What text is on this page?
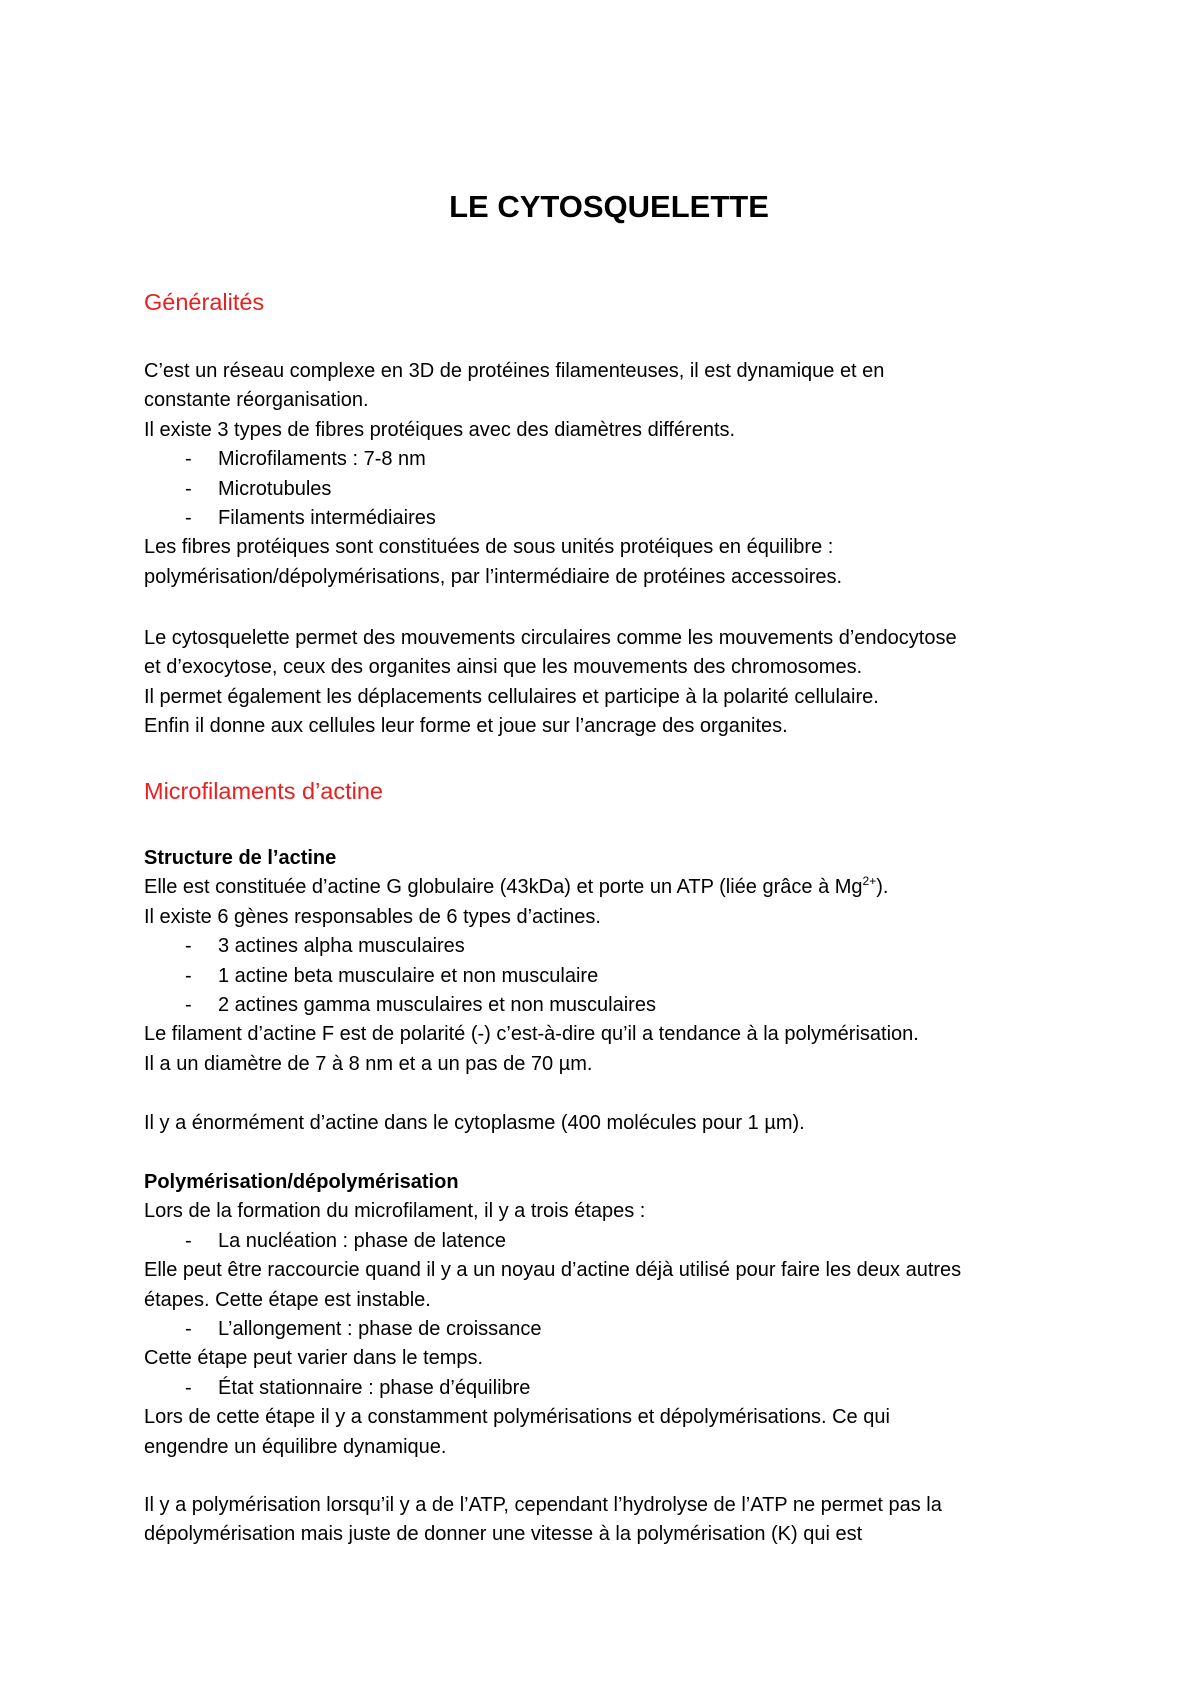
LE CYTOSQUELETTE
Généralités
C’est un réseau complexe en 3D de protéines filamenteuses, il est dynamique et en
constante réorganisation.
Il existe 3 types de fibres protéiques avec des diamètres différents.
- Microfilaments : 7-8 nm
- Microtubules
- Filaments intermédiaires
Les fibres protéiques sont constituées de sous unités protéiques en équilibre :
polymérisation/dépolymérisations, par l’intermédiaire de protéines accessoires.
Le cytosquelette permet des mouvements circulaires comme les mouvements d’endocytose
et d’exocytose, ceux des organites ainsi que les mouvements des chromosomes.
Il permet également les déplacements cellulaires et participe à la polarité cellulaire.
Enfin il donne aux cellules leur forme et joue sur l’ancrage des organites.
Microfilaments d’actine
Structure de l’actine
Elle est constituée d’actine G globulaire (43kDa) et porte un ATP (liée grâce à $Mg^{2+}$).
Il existe 6 gènes responsables de 6 types d’actines.
- 3 actines alpha musculaires
- 1 actine beta musculaire et non musculaire
- 2 actines gamma musculaires et non musculaires
Le filament d’actine F est de polarité (-) c’est-à-dire qu’il a tendance à la polymérisation.
Il a un diamètre de 7 à 8 nm et a un pas de 70 µm.
Il y a énormément d’actine dans le cytoplasme (400 molécules pour 1 µm).
Polymérisation/dépolymérisation
Lors de la formation du microfilament, il y a trois étapes :
- La nucléation : phase de latence
Elle peut être raccourcie quand il y a un noyau d’actine déjà utilisé pour faire les deux autres
étapes. Cette étape est instable.
- L’allongement : phase de croissance
Cette étape peut varier dans le temps.
- État stationnaire : phase d’équilibre
Lors de cette étape il y a constamment polymérisations et dépolymérisations. Ce qui
engendre un équilibre dynamique.
Il y a polymérisation lorsqu’il y a de l’ATP, cependant l’hydrolyse de l’ATP ne permet pas la
dépolymérisation mais juste de donner une vitesse à la polymérisation (K) qui est
